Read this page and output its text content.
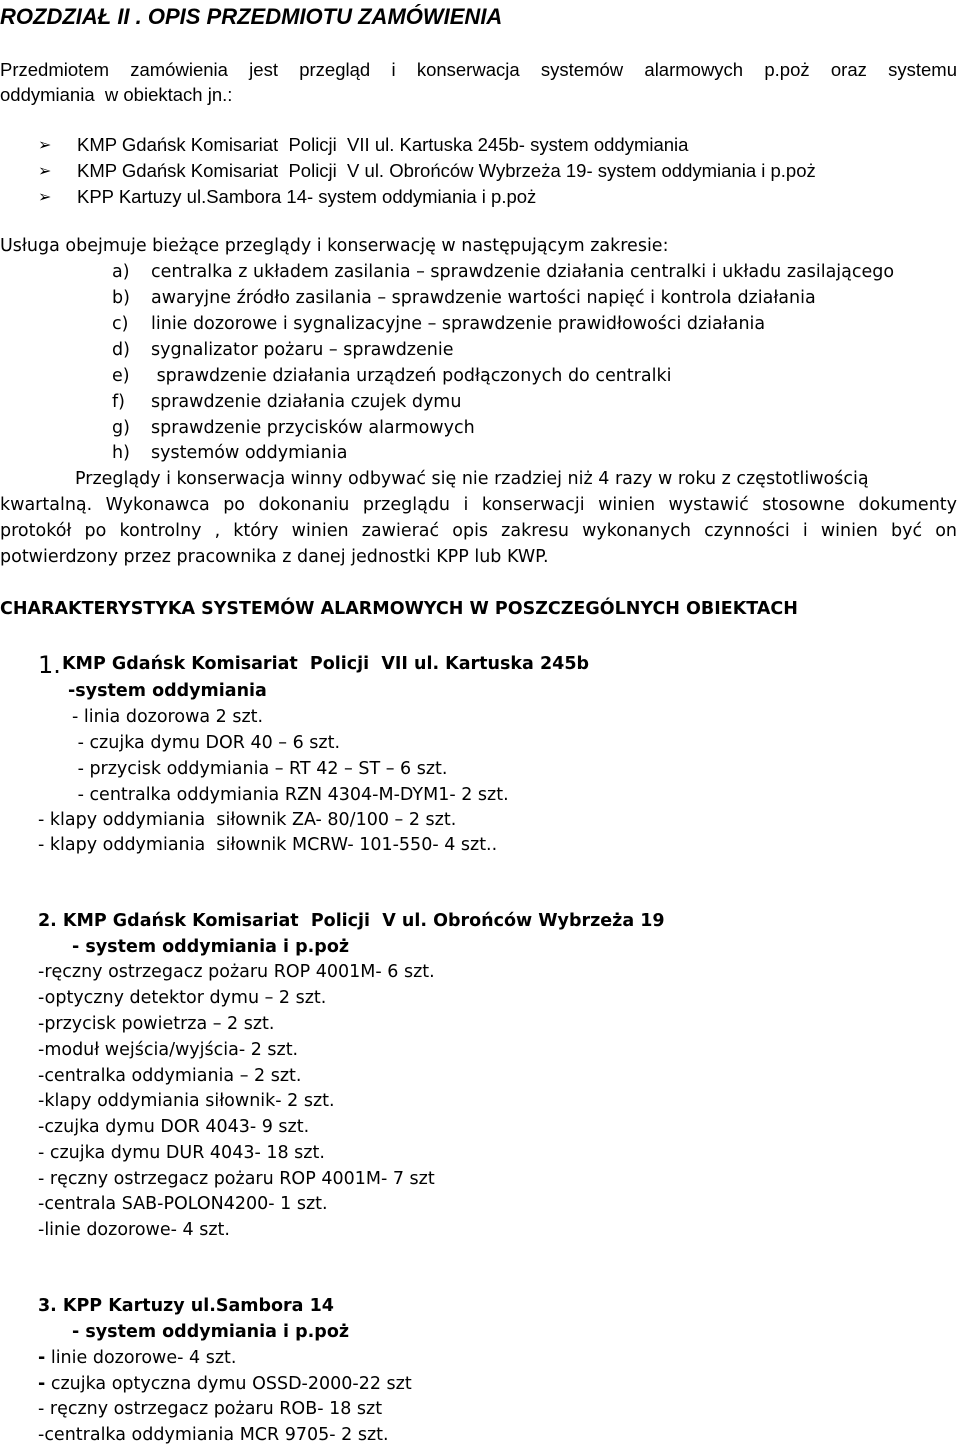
ROZDZIAŁ II . OPIS PRZEDMIOTU ZAMÓWIENIA
Przedmiotem zamówienia jest przegląd i konserwacja systemów alarmowych p.poż oraz systemu
oddymiania  w obiektach jn.:
➢ KMP Gdańsk Komisariat  Policji  VII ul. Kartuska 245b- system oddymiania
➢ KMP Gdańsk Komisariat  Policji  V ul. Obrońców Wybrzeża 19- system oddymiania i p.poż
➢ KPP Kartuzy ul.Sambora 14- system oddymiania i p.poż
Usługa obejmuje bieżące przeglądy i konserwację w następującym zakresie:
a) centralka z układem zasilania – sprawdzenie działania centralki i układu zasilającego
b) awaryjne źródło zasilania – sprawdzenie wartości napięć i kontrola działania
c) linie dozorowe i sygnalizacyjne – sprawdzenie prawidłowości działania
d) sygnalizator pożaru – sprawdzenie
e) sprawdzenie działania urządzeń podłączonych do centralki
f) sprawdzenie działania czujek dymu
g) sprawdzenie przycisków alarmowych
h) systemów oddymiania
Przeglądy i konserwacja winny odbywać się nie rzadziej niż 4 razy w roku z częstotliwością
kwartalną. Wykonawca po dokonaniu przeglądu i konserwacji winien wystawić stosowne dokumenty
protokół po kontrolny , który winien zawierać opis zakresu wykonanych czynności i winien być on
potwierdzony przez pracownika z danej jednostki KPP lub KWP.
CHARAKTERYSTYKA SYSTEMÓW ALARMOWYCH W POSZCZEGÓLNYCH OBIEKTACH
1. KMP Gdańsk Komisariat  Policji  VII ul. Kartuska 245b
-system oddymiania
- linia dozorowa 2 szt.
- czujka dymu DOR 40 – 6 szt.
- przycisk oddymiania – RT 42 – ST – 6 szt.
- centralka oddymiania RZN 4304-M-DYM1- 2 szt.
- klapy oddymiania  siłownik ZA- 80/100 – 2 szt.
- klapy oddymiania  siłownik MCRW- 101-550- 4 szt..
2. KMP Gdańsk Komisariat  Policji  V ul. Obrońców Wybrzeża 19
- system oddymiania i p.poż
-ręczny ostrzegacz pożaru ROP 4001M- 6 szt.
-optyczny detektor dymu – 2 szt.
-przycisk powietrza – 2 szt.
-moduł wejścia/wyjścia- 2 szt.
-centralka oddymiania – 2 szt.
-klapy oddymiania siłownik- 2 szt.
-czujka dymu DOR 4043- 9 szt.
- czujka dymu DUR 4043- 18 szt.
- ręczny ostrzegacz pożaru ROP 4001M- 7 szt
-centrala SAB-POLON4200- 1 szt.
-linie dozorowe- 4 szt.
3. KPP Kartuzy ul.Sambora 14
- system oddymiania i p.poż
- linie dozorowe- 4 szt.
- czujka optyczna dymu OSSD-2000-22 szt
- ręczny ostrzegacz pożaru ROB- 18 szt
-centralka oddymiania MCR 9705- 2 szt.
